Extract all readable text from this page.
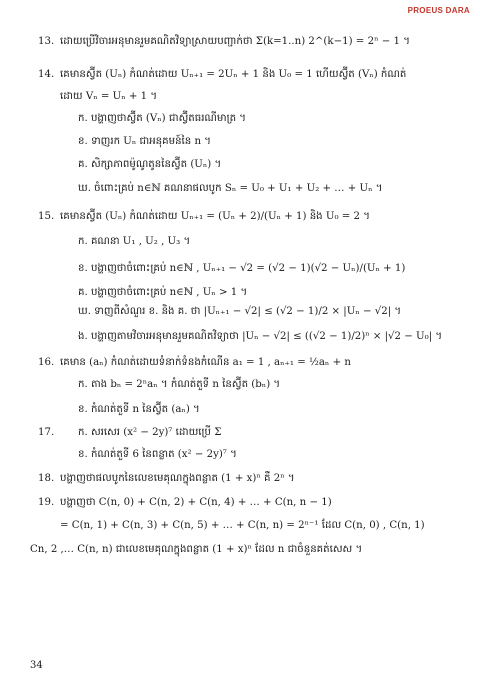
PROEUS DARA
13. ដោយប្រើវិចារអនុមានរួមគណិតវិទ្យាស្រាយបញ្ជាក់ថា Σ(k=1..n) 2^(k−1) = 2ⁿ − 1 ។
14. គេមានស្វ៊ីត (Uₙ) កំណត់ដោយ Uₙ₊₁ = 2Uₙ + 1 និង U₀ = 1 ហើយស្វ៊ីត (Vₙ) កំណត់
ដោយ Vₙ = Uₙ + 1 ។
ក. បង្ហាញថាស្វ៊ីត (Vₙ) ជាស្វ៊ីតធរណីមាត្រ ។
ខ. ទាញរក Uₙ ជាអនុគមន៍នៃ n ។
គ. សិក្សាភាពម៉ូណូតូននៃស្វ៊ីត (Uₙ) ។
ឃ. ចំពោះគ្រប់ n∈ℕ គណនាផលបូក Sₙ = U₀ + U₁ + U₂ + … + Uₙ ។
15. គេមានស្វ៊ីត (Uₙ) កំណត់ដោយ Uₙ₊₁ = (Uₙ + 2)/(Uₙ + 1) និង U₀ = 2 ។
ក. គណនា U₁ , U₂ , U₃ ។
ខ. បង្ហាញថាចំពោះគ្រប់ n∈ℕ , Uₙ₊₁ − √2 = (√2 − 1)(√2 − Uₙ)/(Uₙ + 1)
គ. បង្ហាញថាចំពោះគ្រប់ n∈ℕ , Uₙ > 1 ។
ឃ. ទាញពីសំណួរ ខ. និង គ. ថា |Uₙ₊₁ − √2| ≤ (√2 − 1)/2 × |Uₙ − √2| ។
ង. បង្ហាញតាមវិចារអនុមានរួមគណិតវិទ្យាថា |Uₙ − √2| ≤ ((√2 − 1)/2)ⁿ × |√2 − U₀| ។
16. គេមាន (aₙ) កំណត់ដោយទំនាក់ទំនងកំណើន a₁ = 1 , aₙ₊₁ = ½aₙ + n
ក. តាង bₙ = 2ⁿaₙ ។ កំណត់តួទី n នៃស្វ៊ីត (bₙ) ។
ខ. កំណត់តួទី n នៃស្វ៊ីត (aₙ) ។
17. ក. សរសេរ (x² − 2y)⁷ ដោយប្រើ Σ
ខ. កំណត់តួទី 6 នៃពន្លាត (x² − 2y)⁷ ។
18. បង្ហាញថាផលបូកនៃលេខមេគុណក្នុងពន្លាត (1 + x)ⁿ គឺ 2ⁿ ។
19. បង្ហាញថា C(n, 0) + C(n, 2) + C(n, 4) + … + C(n, n − 1)
= C(n, 1) + C(n, 3) + C(n, 5) + … + C(n, n) = 2ⁿ⁻¹ ដែល C(n, 0) , C(n, 1)
Cn, 2 ,… C(n, n) ជាលេខមេគុណក្នុងពន្លាត (1 + x)ⁿ ដែល n ជាចំនួនគត់សេស ។
34
